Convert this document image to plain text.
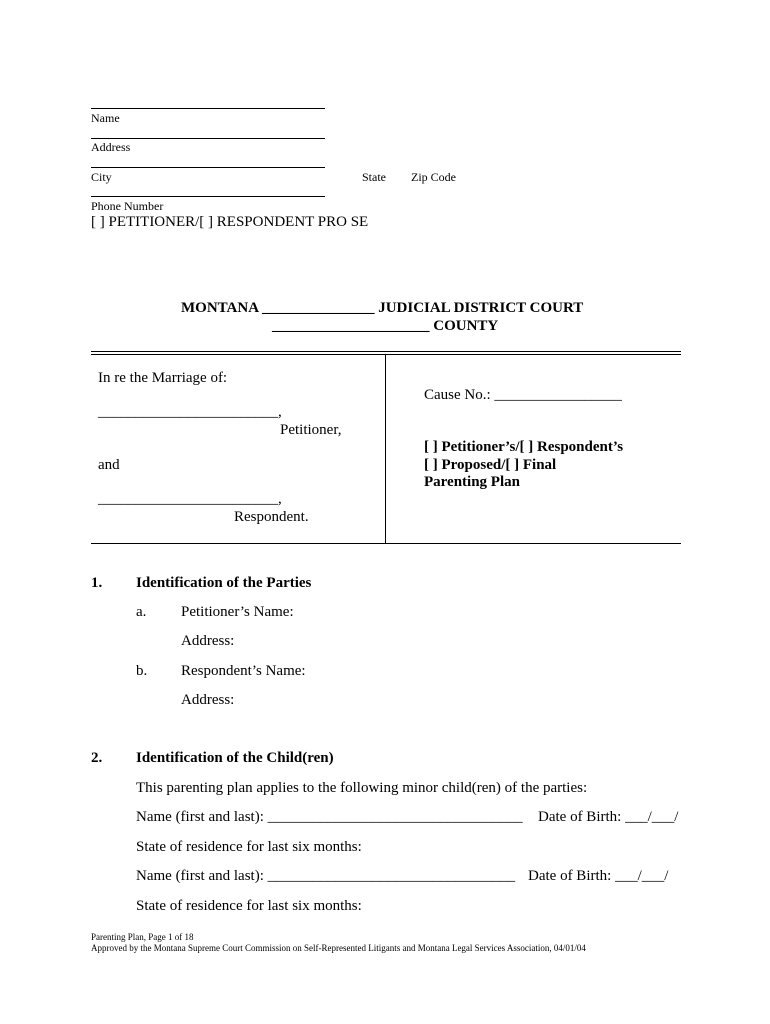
Name
Address
City	State Zip Code
Phone Number
[ ] PETITIONER/[ ] RESPONDENT PRO SE
MONTANA _______________ JUDICIAL DISTRICT COURT
_____________________ COUNTY
In re the Marriage of:
________________________,
Petitioner,
and
________________________,
Respondent.
Cause No.: _________________
[ ] Petitioner’s/[ ] Respondent’s
[ ] Proposed/[ ] Final
Parenting Plan
1. Identification of the Parties
a. Petitioner’s Name:
Address:
b. Respondent’s Name:
Address:
2. Identification of the Child(ren)
This parenting plan applies to the following minor child(ren) of the parties:
Name (first and last): __________________________________ Date of Birth: ___/___/
State of residence for last six months:
Name (first and last): _________________________________ Date of Birth: ___/___/
State of residence for last six months:
Parenting Plan, Page 1 of 18
Approved by the Montana Supreme Court Commission on Self-Represented Litigants and Montana Legal Services Association, 04/01/04
